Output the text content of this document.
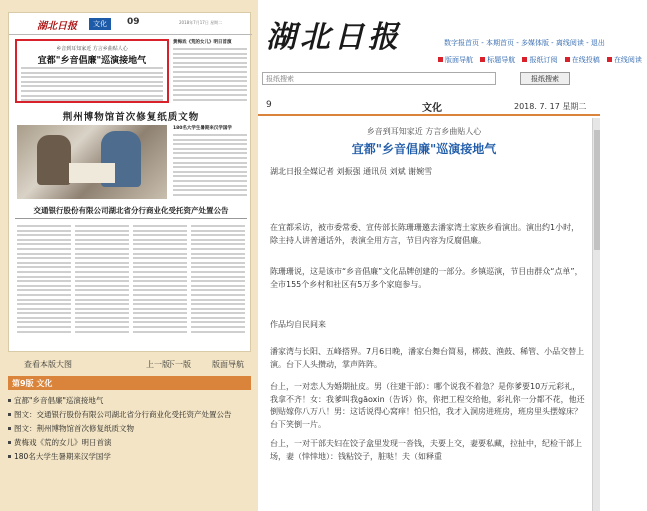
湖北日报	文化	09	2018年7月17日 星期二
乡音到耳知家近 方言乡曲贴人心
宜都"乡音倡廉"巡演接地气
黄梅戏《荒的女儿》明日首演
荆州博物馆首次修复纸质文物
180名大学生暑期来汉学国学
交通银行股份有限公司湖北省分行商业化受托资产处置公告
查看本版大图	上一版
下一版	版面导航
第9版 文化
宜都"乡音倡廉"巡演接地气
图文：交通银行股份有限公司湖北省分行商业化受托资产处置公告
图文：荆州博物馆首次修复纸质文物
黄梅戏《荒的女儿》明日首演
180名大学生暑期来汉学国学
湖北日报	数字报首页 - 本期首页 - 多媒体版 - 离线阅读 - 退出
版面导航 标题导航 报纸订阅 在线投稿 在线阅读
报纸搜索
报纸搜索
9	文化	2018. 7. 17 星期二
乡音到耳知家近 方言乡曲贴人心
宜都"乡音倡廉"巡演接地气
湖北日报全媒记者 刘振强 通讯员 刘斌 谢婉雪

在宜都采访，被市委常委、宣传部长陈珊珊邀去潘家湾土家族乡看演出。演出约1小时，除主持人讲普通话外，表演全用方言，节目内容为反腐倡廉。

陈珊珊说，这是该市“乡音倡廉”文化品牌创建的一部分。乡镇巡演，节目由群众“点单”，全市155个乡村和社区有5万多个家庭参与。

作品均自民间来

潘家湾与长阳、五峰搭界。7月6日晚，潘家台舞台简易，梆鼓、渔鼓、稀管、小品交替上演。台下人头攒动，掌声阵阵。

台上，一对恋人为婚期扯皮。男（往建干部）：哪个说我不着急？是你爹要10万元彩礼，我拿不齐！女：我爹叫我gāoxin（告诉）你，你把工程交给他，彩礼你一分都不花，他还倒贴嫁你八万八！男：这话说得心窝痒！怕只怕，我才入洞房进班房，班房里头摆嫁床？台下笑倒一片。

台上，一对干部夫妇在饺子盒里发现一沓钱，夫要上交，妻要私藏，拉扯中，纪检干部上场，妻（悻悻地）：钱粘饺子，脏哒！夫（如释重
